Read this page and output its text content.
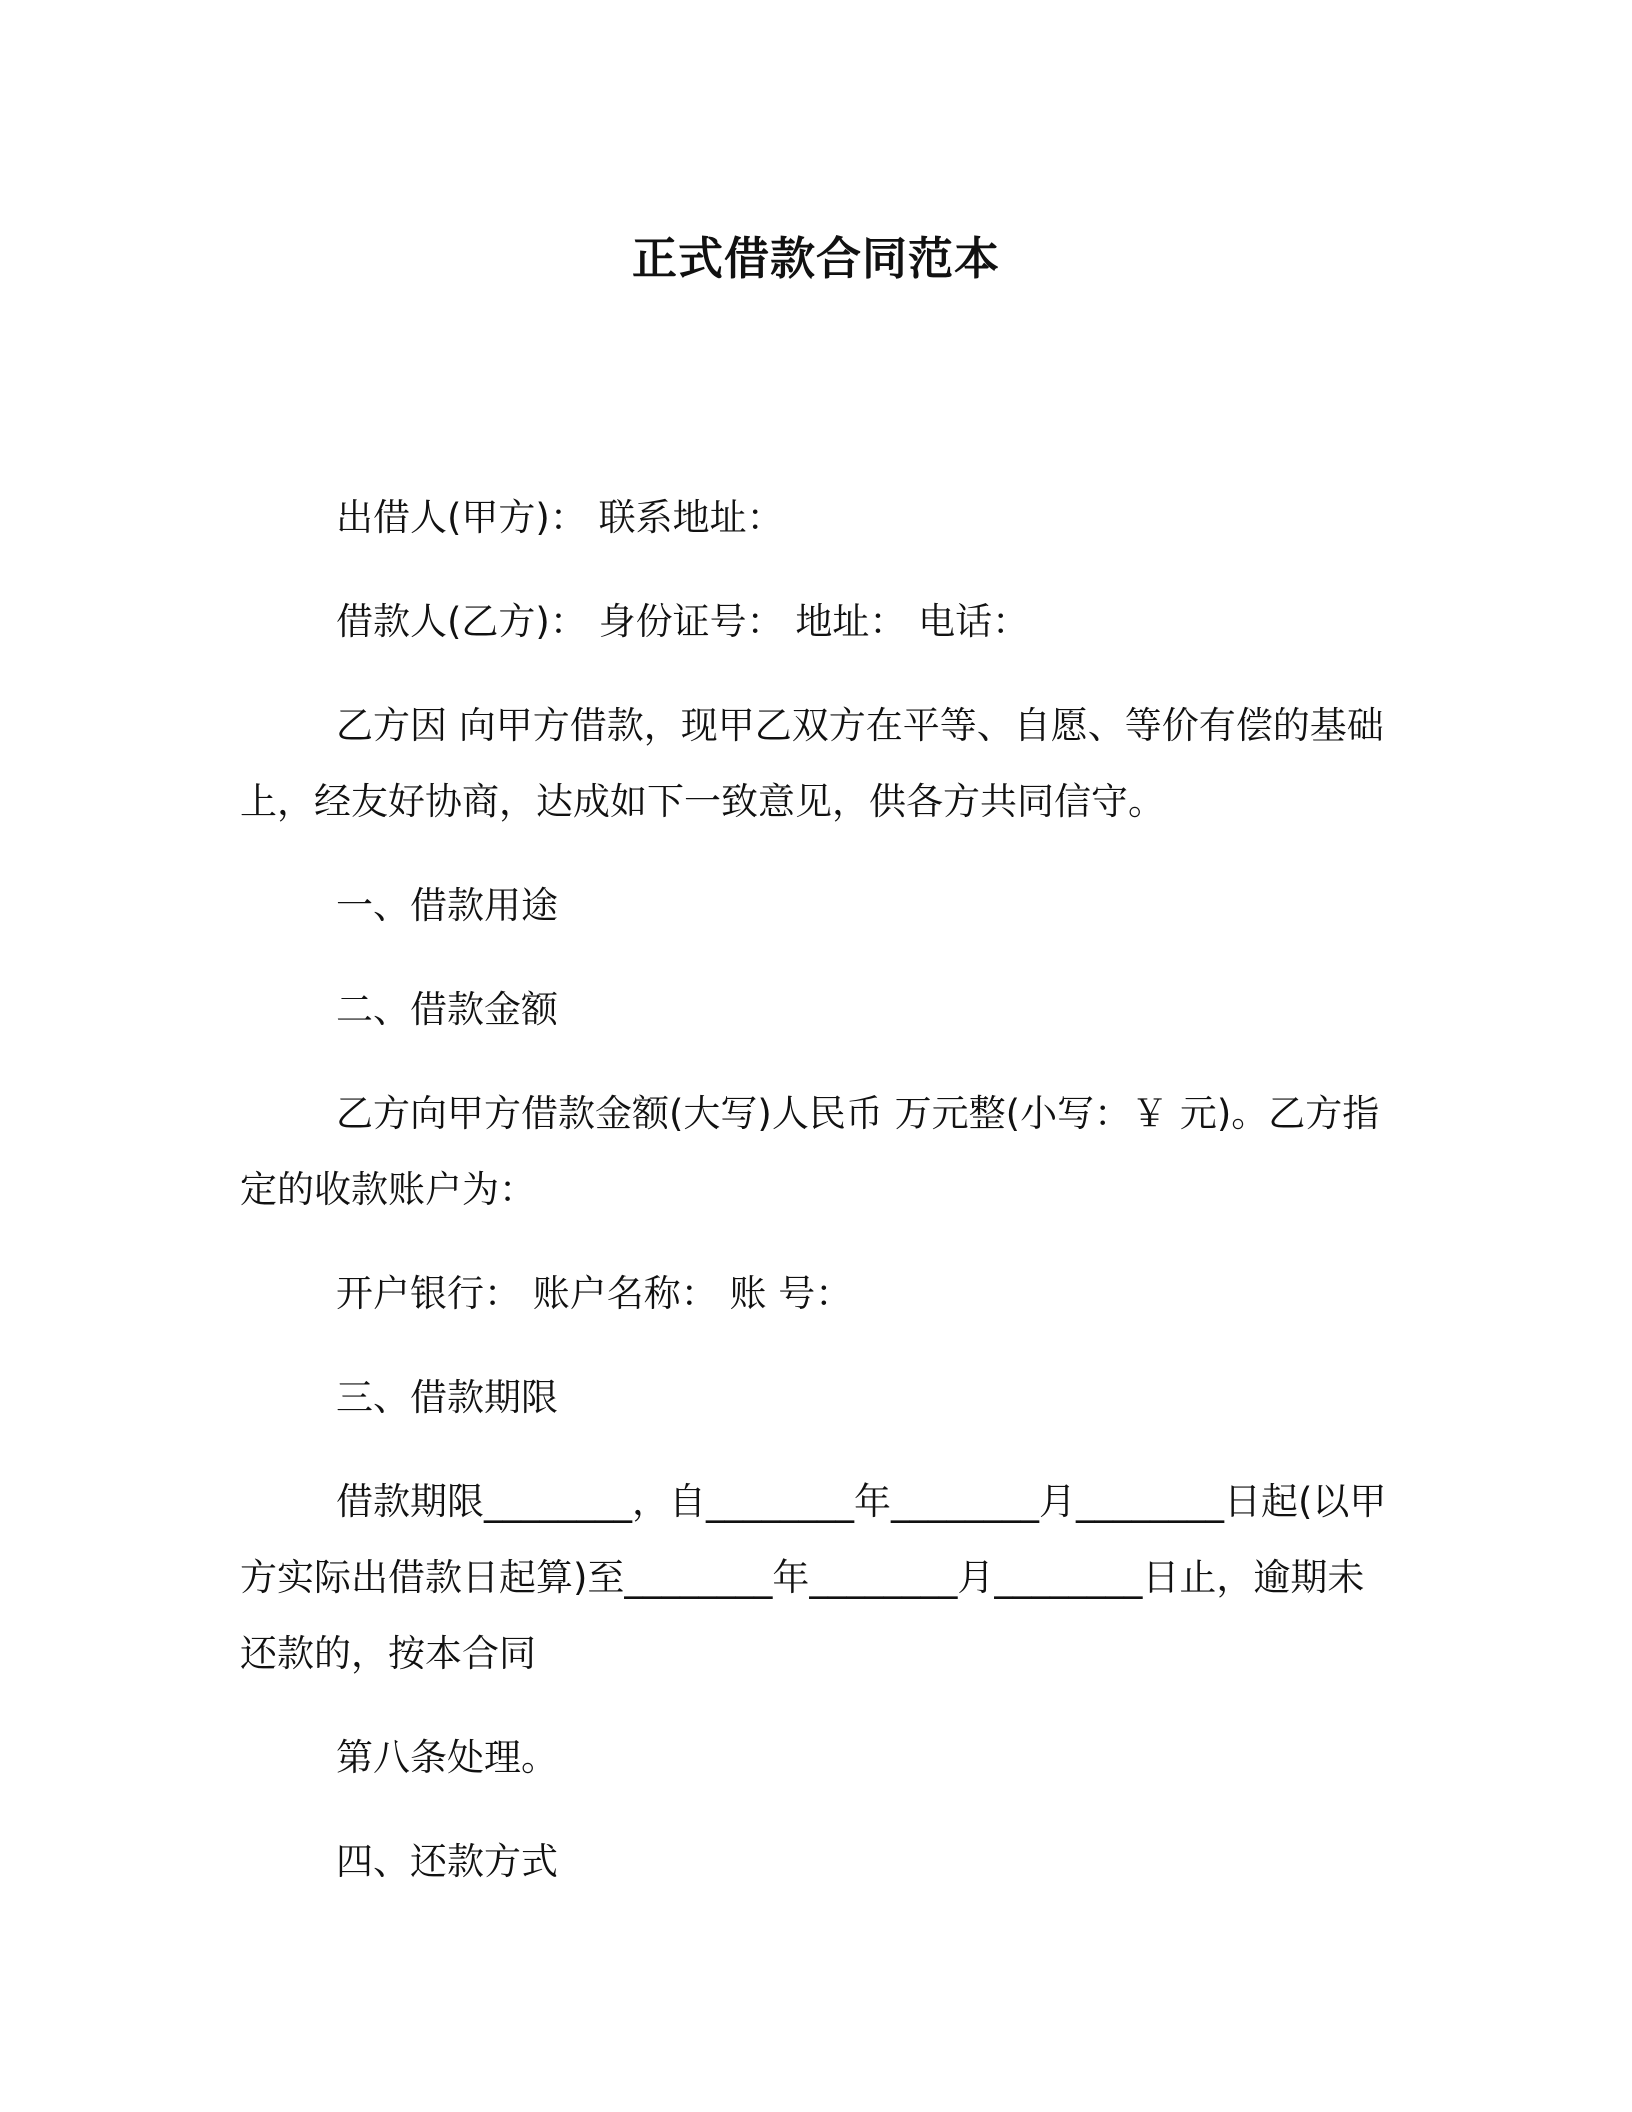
正式借款合同范本

出借人(甲方)： 联系地址：

借款人(乙方)： 身份证号： 地址： 电话：

乙方因 向甲方借款，现甲乙双方在平等、自愿、等价有偿的基础上，经友好协商，达成如下一致意见，供各方共同信守。

一、借款用途

二、借款金额

乙方向甲方借款金额(大写)人民币 万元整(小写：￥ 元)。乙方指定的收款账户为：

开户银行： 账户名称： 账 号：

三、借款期限

借款期限________，自________年________月________日起(以甲方实际出借款日起算)至________年________月________日止，逾期未还款的，按本合同

第八条处理。

四、还款方式
